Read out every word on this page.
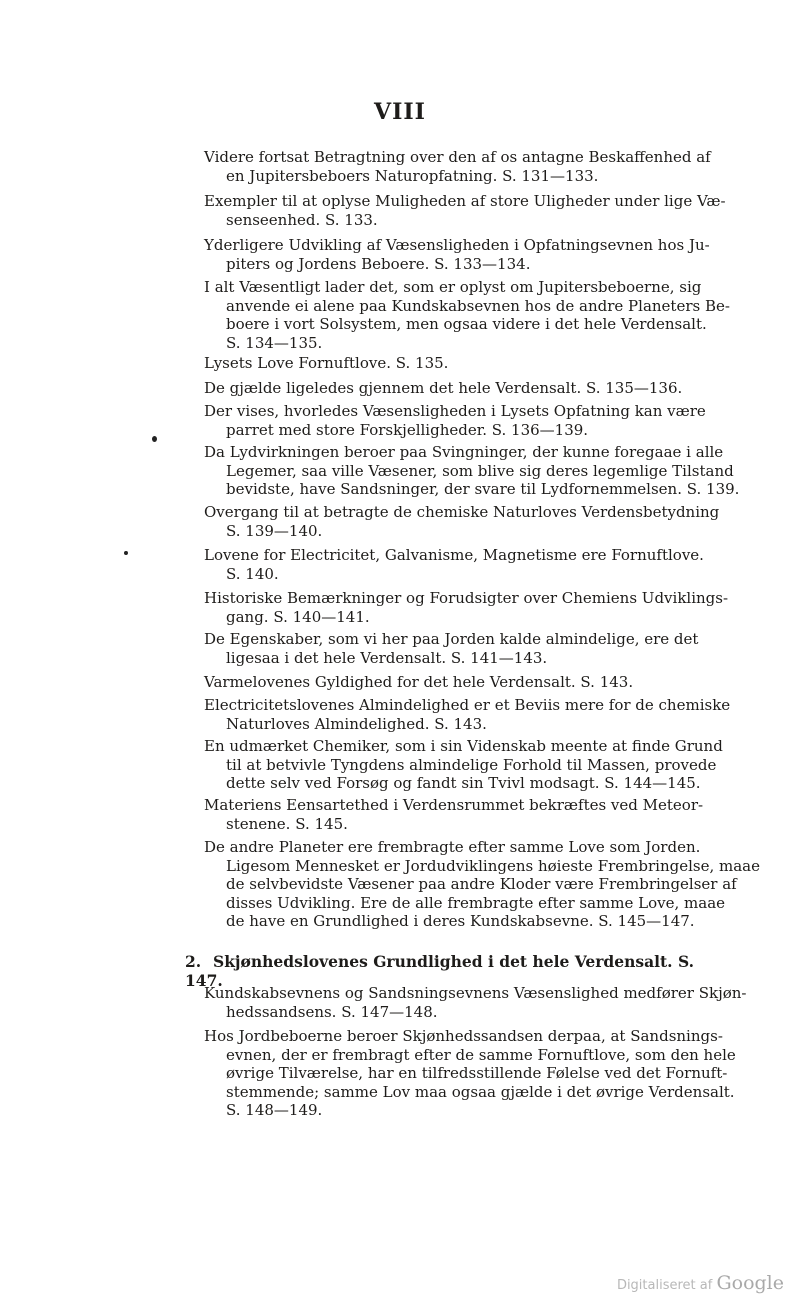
VIII
Videre fortsat Betragtning over den af os antagne Beskaffenhed af
en Jupitersbeboers Naturopfatning. S. 131—133.
Exempler til at oplyse Muligheden af store Uligheder under lige Væ-
senseenhed. S. 133.
Yderligere Udvikling af Væsensligheden i Opfatningsevnen hos Ju-
piters og Jordens Beboere. S. 133—134.
I alt Væsentligt lader det, som er oplyst om Jupitersbeboerne, sig
anvende ei alene paa Kundskabsevnen hos de andre Planeters Be-
boere i vort Solsystem, men ogsaa videre i det hele Verdensalt.
S. 134—135.
Lysets Love Fornuftlove. S. 135.
De gjælde ligeledes gjennem det hele Verdensalt. S. 135—136.
Der vises, hvorledes Væsensligheden i Lysets Opfatning kan være
parret med store Forskjelligheder. S. 136—139.
Da Lydvirkningen beroer paa Svingninger, der kunne foregaae i alle
Legemer, saa ville Væsener, som blive sig deres legemlige Tilstand
bevidste, have Sandsninger, der svare til Lydfornemmelsen. S. 139.
Overgang til at betragte de chemiske Naturloves Verdensbetydning
S. 139—140.
Lovene for Electricitet, Galvanisme, Magnetisme ere Fornuftlove.
S. 140.
Historiske Bemærkninger og Forudsigter over Chemiens Udviklings-
gang. S. 140—141.
De Egenskaber, som vi her paa Jorden kalde almindelige, ere det
ligesaa i det hele Verdensalt. S. 141—143.
Varmelovenes Gyldighed for det hele Verdensalt. S. 143.
Electricitetslovenes Almindelighed er et Beviis mere for de chemiske
Naturloves Almindelighed. S. 143.
En udmærket Chemiker, som i sin Videnskab meente at finde Grund
til at betvivle Tyngdens almindelige Forhold til Massen, provede
dette selv ved Forsøg og fandt sin Tvivl modsagt. S. 144—145.
Materiens Eensartethed i Verdensrummet bekræftes ved Meteor-
stenene. S. 145.
De andre Planeter ere frembragte efter samme Love som Jorden.
Ligesom Mennesket er Jordudviklingens høieste Frembringelse, maae
de selvbevidste Væsener paa andre Kloder være Frembringelser af
disses Udvikling. Ere de alle frembragte efter samme Love, maae
de have en Grundlighed i deres Kundskabsevne. S. 145—147.
2. Skjønhedslovenes Grundlighed i det hele Verdensalt. S. 147.
Kundskabsevnens og Sandsningsevnens Væsenslighed medfører Skjøn-
hedssandsens. S. 147—148.
Hos Jordbeboerne beroer Skjønhedssandsen derpaa, at Sandsnings-
evnen, der er frembragt efter de samme Fornuftlove, som den hele
øvrige Tilværelse, har en tilfredsstillende Følelse ved det Fornuft-
stemmende; samme Lov maa ogsaa gjælde i det øvrige Verdensalt.
S. 148—149.
Digitaliseret af Google
